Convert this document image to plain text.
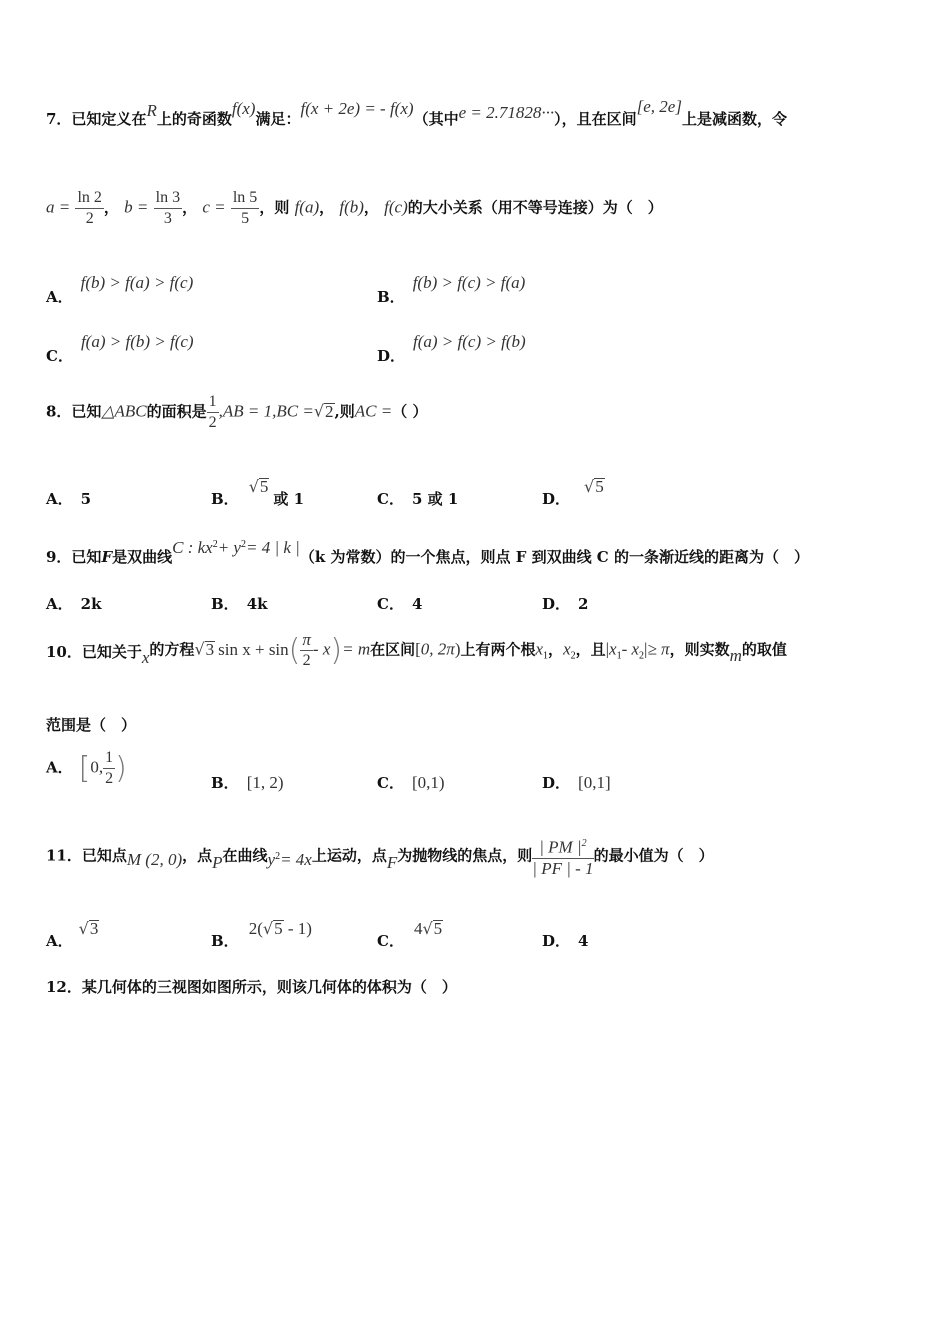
7．已知定义在R上的奇函数f(x)满足：f(x + 2e) = - f(x)（其中e = 2.71828···），且在区间[e, 2e]上是减函数，令
$a = \frac{\ln 2}{2}$ ， $b = \frac{\ln 3}{3}$ ， $c = \frac{\ln 5}{5}$ ，则 f(a)， f(b)， f(c)的大小关系（用不等号连接）为（　）
A．f(b) > f(a) > f(c)
B．f(b) > f(c) > f(a)
C．f(a) > f(b) > f(c)
D．f(a) > f(c) > f(b)
8．已知△ABC的面积是 $\frac{1}{2} ,AB = 1,BC =√2$,则AC =（ ）
A． 5	B．√5或 1	C． 5 或 1	D．√5
9．已知F是双曲线C : $kx^2+ y^2= 4$ | k |（k 为常数）的一个焦点，则点 F 到双曲线 C 的一条渐近线的距离为（　）
A． 2k	B． 4k	C． 4	D． 2
10．已知关于x的方程√3 $\sin x + \sin( \frac{\pi}{2} - x)= m$在区间[0, 2π)上有两个根$x_1$，$x_2$，且$|x_1-$ $x_2|\ge \pi$，则实数m的取值
范围是（　）
A． [0, $\frac{1}{2}$ )	B． [1, 2)	C． [0,1)	D． [0,1]
11．已知点M (2, 0)，点P在曲线$y^2= 4x$上运动，点F为抛物线的焦点，则 $\frac{| PM |^2}{| PF | - 1}$ 的最小值为（　）
A．√3
B．2(√5 - 1)
C．4√5
D． 4
12．某几何体的三视图如图所示，则该几何体的体积为（　）
